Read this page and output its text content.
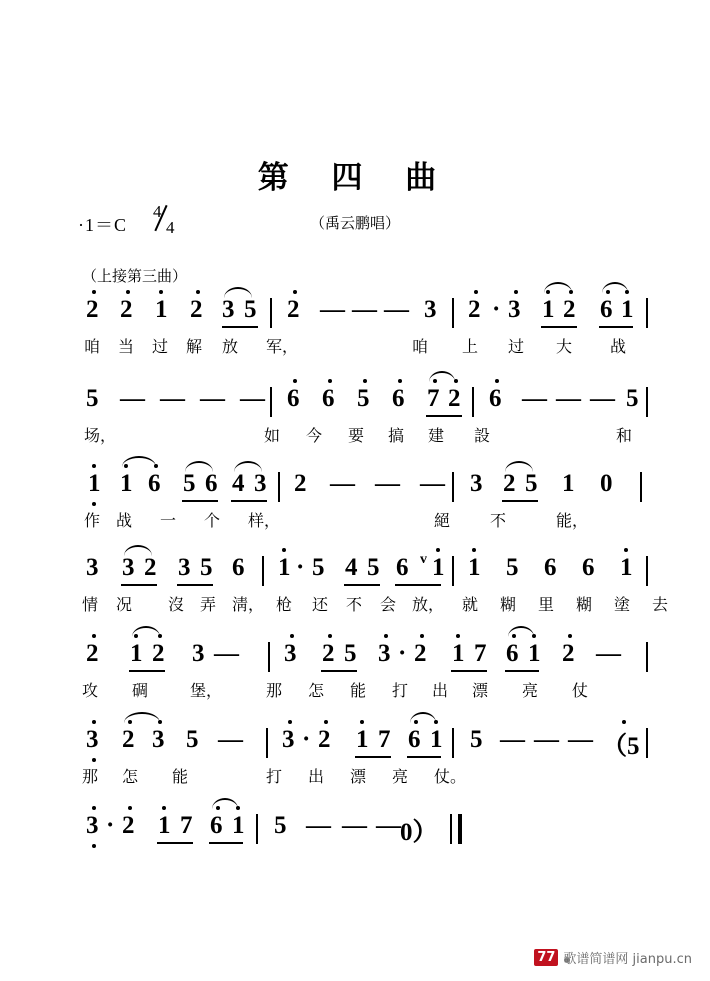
第 四 曲
（禹云鹏唱）
·1＝C
4
4
（上接第三曲）
2 2 1 2 3 5 2 — — — 3 2 · 3 1 2 6 1
咱 当 过 解 放 军，	咱 上 过 大 战
5 — — — — 6 6 5 6 7 2 6 — — — 5
场，	如 今 要 搞 建 設	和
1 1 6 5 6 4 3 2 — — — 3 2 5 1 0
作 战 一 个 样，	絕 不	能，
3 3 2 3 5 6 1 · 5 4 5 6 v 1 1 5 6 6 1
情 况 沒 弄 淸， 枪 还 不 会 放， 就 糊 里 糊 塗 去
2 1 2 3 — 3 2 5 3 · 2 1 7 6 1 2 —
攻 碉	堡，	那 怎 能 打 出 漂 亮 仗
3 2 3 5 — 3 · 2 1 7 6 1 5 — — — （5
那 怎 能	打 出 漂 亮 仗。
3 · 2 1 7 6 1 5 — — — 0）
77 歌谱简谱网 jianpu.cn
